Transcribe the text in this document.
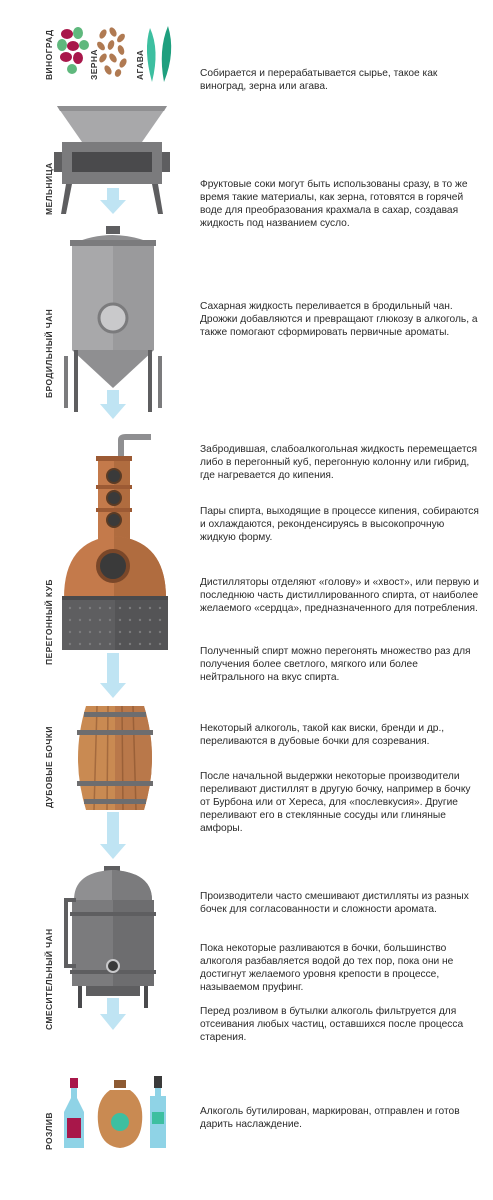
ВИНОГРАД	ЗЕРНА	АГАВА
МЕЛЬНИЦА
БРОДИЛЬНЫЙ ЧАН
ПЕРЕГОННЫЙ КУБ
ДУБОВЫЕ БОЧКИ
СМЕСИТЕЛЬНЫЙ ЧАН
РОЗЛИВ
Собирается и перерабатывается сырье, такое как виноград, зерна или агава.
Фруктовые соки могут быть использованы сразу, в то же время такие материалы, как зерна, готовятся в горячей воде для преобразования крахмала в сахар, создавая жидкость под названием сусло.
Сахарная жидкость переливается в бродильный чан. Дрожжи добавляются и превращают глюкозу в алкоголь, а также помогают сформировать первичные ароматы.
Забродившая, слабоалкогольная жидкость перемещается либо в перегонный куб, перегонную колонну или гибрид, где нагревается до кипения.
Пары спирта, выходящие в процессе кипения, собираются и охлаждаются, реконденсируясь в высокопрочную жидкую форму.
Дистилляторы отделяют «голову» и «хвост», или первую и последнюю часть дистиллированного спирта, от наиболее желаемого «сердца», предназначенного для потребления.
Полученный спирт можно перегонять множество раз для получения более светлого, мягкого или более нейтрального на вкус спирта.
Некоторый алкоголь, такой как виски, бренди и др., переливаются в дубовые бочки для созревания.
После начальной выдержки некоторые производители переливают дистиллят в другую бочку, например в бочку от Бурбона или от Хереса, для «послевкусия». Другие переливают его в стеклянные сосуды или глиняные амфоры.
Производители часто смешивают дистилляты из разных бочек для согласованности и сложности аромата.
Пока некоторые разливаются в бочки, большинство алкоголя разбавляется водой до тех пор, пока они не достигнут желаемого уровня крепости в процессе, называемом пруфинг.
Перед розливом в бутылки алкоголь фильтруется для отсеивания любых частиц, оставшихся после процесса старения.
Алкоголь бутилирован, маркирован, отправлен и готов дарить наслаждение.
